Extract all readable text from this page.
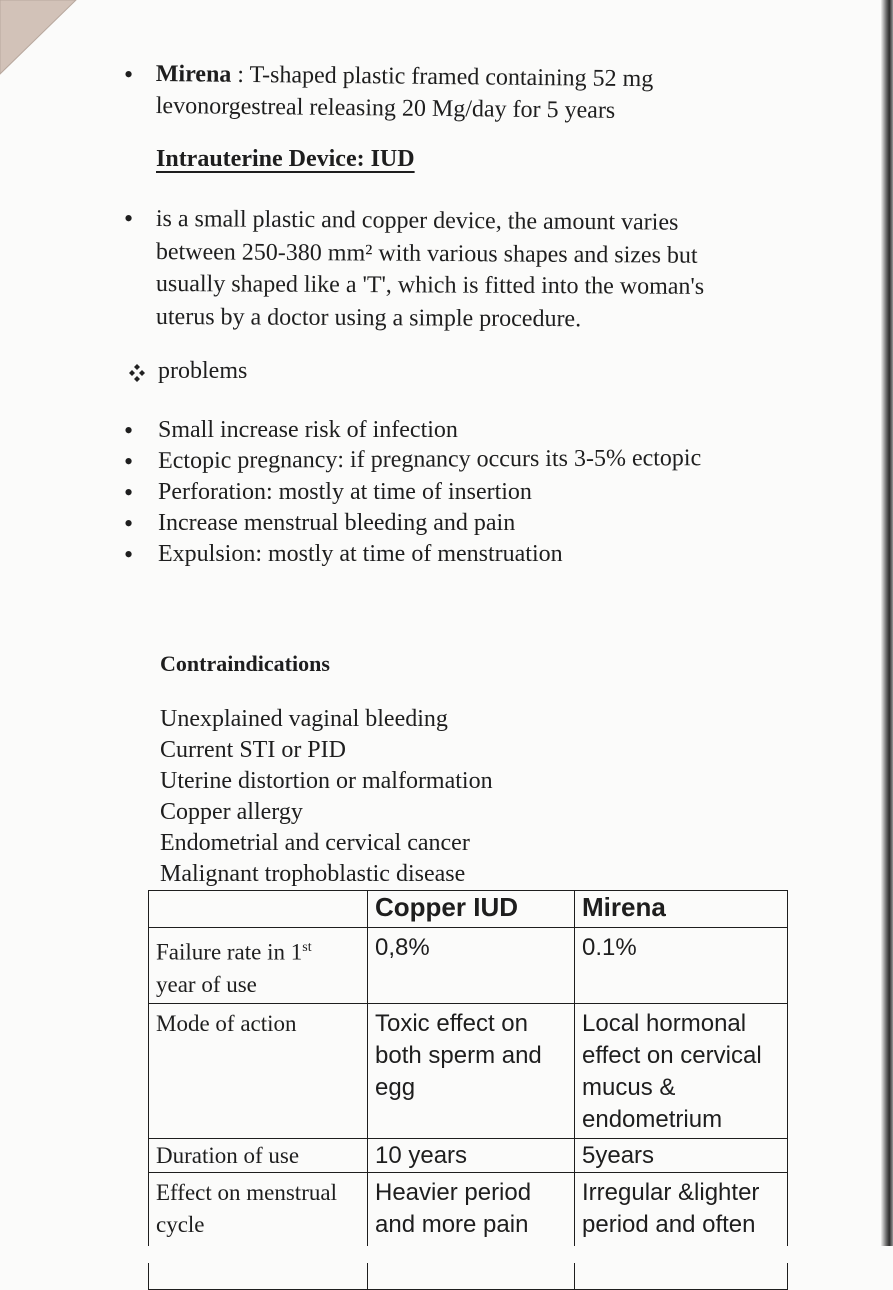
• Mirena : T-shaped plastic framed containing 52 mg
levonorgestreal releasing 20 Mg/day for 5 years
Intrauterine Device: IUD
• is a small plastic and copper device, the amount varies
between 250-380 mm² with various shapes and sizes but
usually shaped like a 'T', which is fitted into the woman's
uterus by a doctor using a simple procedure.
problems
• Small increase risk of infection
• Ectopic pregnancy: if pregnancy occurs its 3-5% ectopic
• Perforation: mostly at time of insertion
• Increase menstrual bleeding and pain
• Expulsion: mostly at time of menstruation
Contraindications
Unexplained vaginal bleeding
Current STI or PID
Uterine distortion or malformation
Copper allergy
Endometrial and cervical cancer
Malignant trophoblastic disease
	Copper IUD	Mirena
Failure rate in 1st
year of use	0,8%	0.1%
Mode of action	Toxic effect on both sperm and egg	Local hormonal effect on cervical mucus & endometrium
Duration of use	10 years	5years
Effect on menstrual cycle	Heavier period and more pain	Irregular &lighter period and often
